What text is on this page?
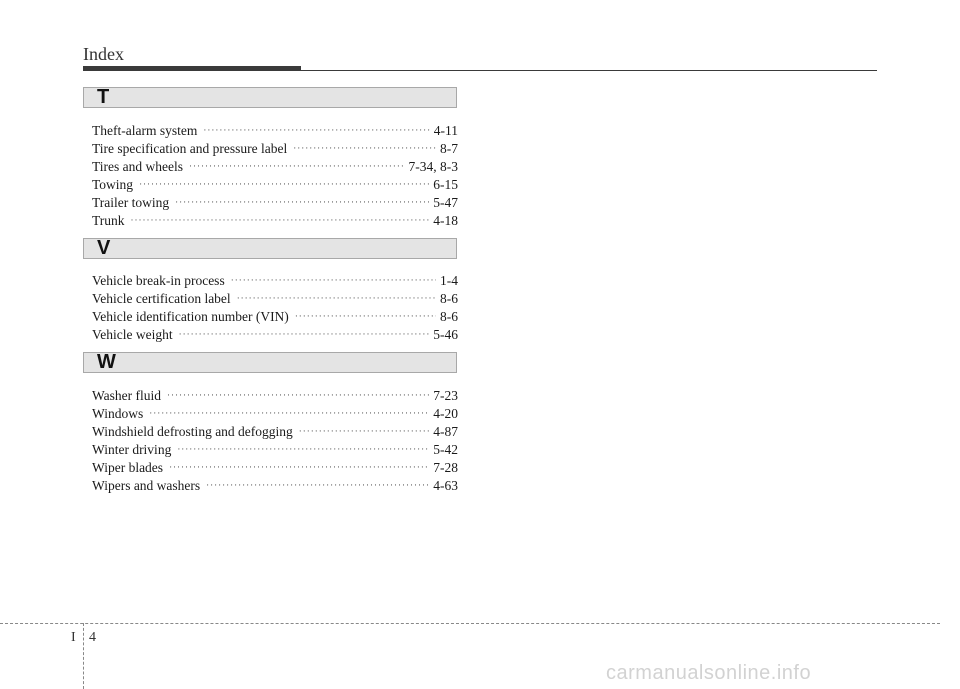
Index
T
Theft-alarm system ·····	4-11
Tire specification and pressure label ·····	8-7
Tires and wheels ·····	7-34, 8-3
Towing ·····	6-15
Trailer towing ·····	5-47
Trunk ·····	4-18
V
Vehicle break-in process ·····	1-4
Vehicle certification label ·····	8-6
Vehicle identification number (VIN) ·····	8-6
Vehicle weight ·····	5-46
W
Washer fluid ·····	7-23
Windows ·····	4-20
Windshield defrosting and defogging ·····	4-87
Winter driving ·····	5-42
Wiper blades ·····	7-28
Wipers and washers ·····	4-63
I 4
carmanualsonline.info
